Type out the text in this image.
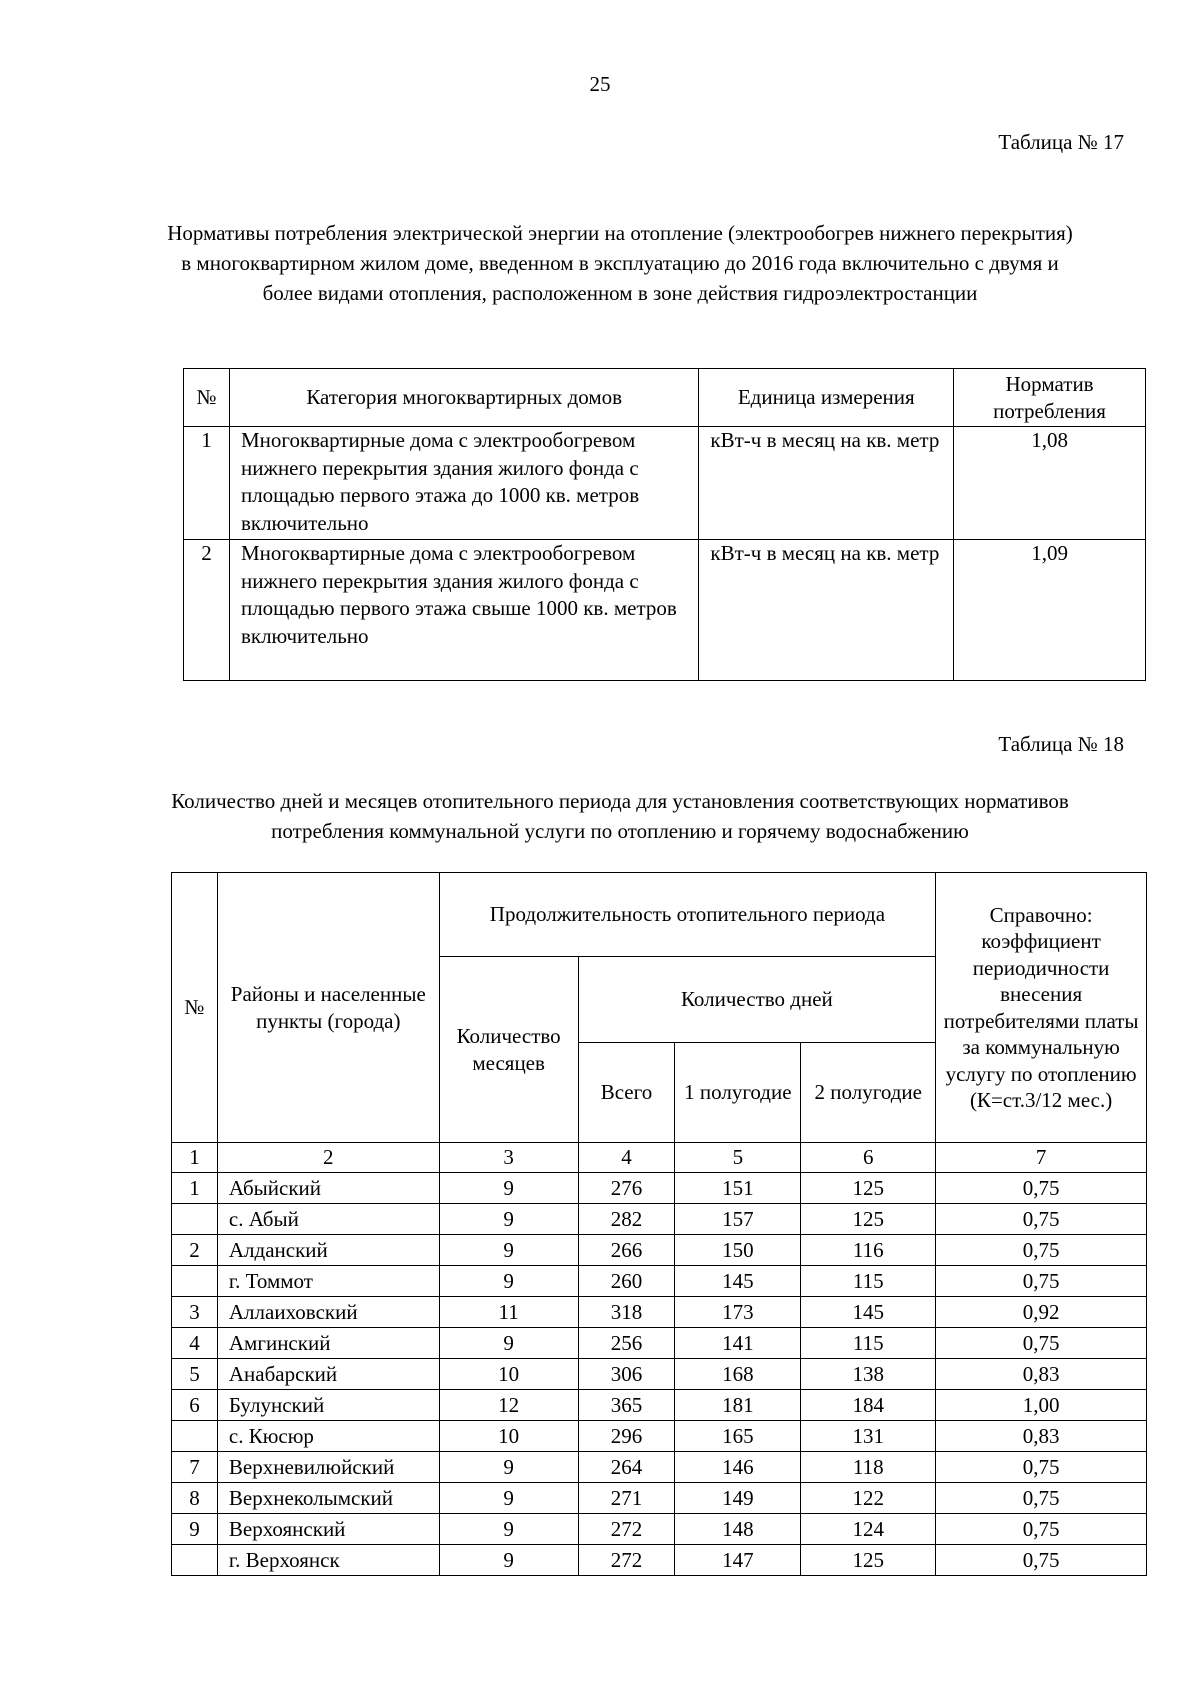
25
Таблица № 17
Нормативы потребления электрической энергии на отопление (электрообогрев нижнего перекрытия) в многоквартирном жилом доме, введенном в эксплуатацию до 2016 года включительно с двумя и более видами отопления, расположенном в зоне действия гидроэлектростанции
№	Категория многоквартирных домов	Единица измерения	Норматив потребления
1	Многоквартирные дома с электрообогревом нижнего перекрытия здания жилого фонда с площадью первого этажа до 1000 кв. метров включительно	кВт-ч в месяц на кв. метр	1,08
2	Многоквартирные дома с электрообогревом нижнего перекрытия здания жилого фонда с площадью первого этажа свыше 1000 кв. метров включительно	кВт-ч в месяц на кв. метр	1,09
Таблица № 18
Количество дней и месяцев отопительного периода для установления соответствующих нормативов потребления коммунальной услуги по отоплению и горячему водоснабжению
№	Районы и населенные пункты (города)	Продолжительность отопительного периода				Справочно: коэффициент периодичности внесения потребителями платы за коммунальную услугу по отоплению (К=ст.3/12 мес.)
		Количество месяцев	Количество дней			
			Всего	1 полугодие	2 полугодие	
1	2	3	4	5	6	7
1	Абыйский	9	276	151	125	0,75
	с. Абый	9	282	157	125	0,75
2	Алданский	9	266	150	116	0,75
	г. Томмот	9	260	145	115	0,75
3	Аллаиховский	11	318	173	145	0,92
4	Амгинский	9	256	141	115	0,75
5	Анабарский	10	306	168	138	0,83
6	Булунский	12	365	181	184	1,00
	с. Кюсюр	10	296	165	131	0,83
7	Верхневилюйский	9	264	146	118	0,75
8	Верхнеколымский	9	271	149	122	0,75
9	Верхоянский	9	272	148	124	0,75
	г. Верхоянск	9	272	147	125	0,75
